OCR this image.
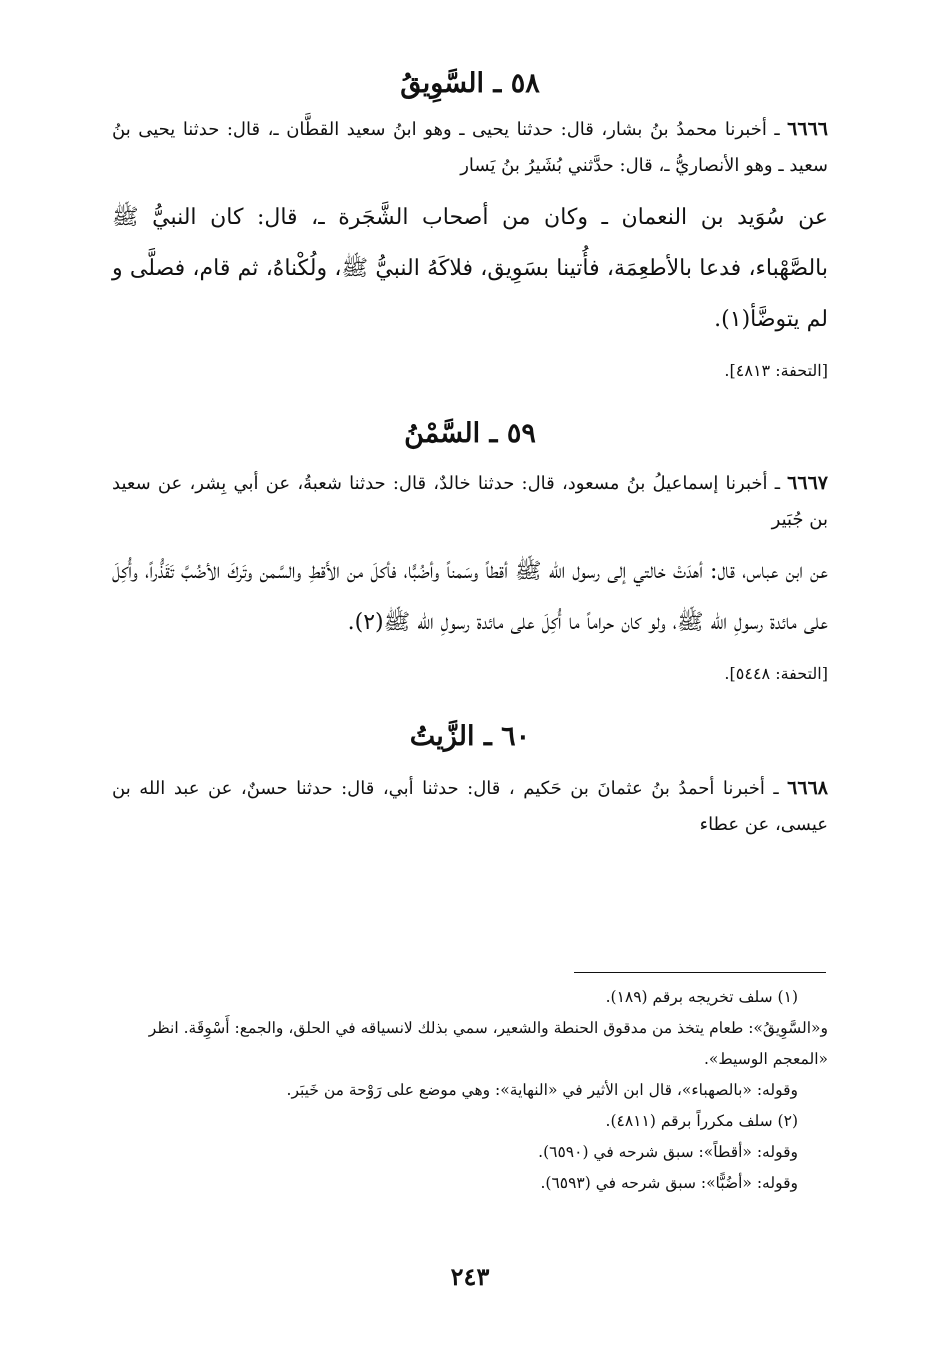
٥٨ ـ السَّوِيقُ

٦٦٦٦ ـ أخبرنا محمدُ بنُ بشار، قال: حدثنا يحيى ـ وهو ابنُ سعيد القطَّان ـ، قال: حدثنا يحيى بنُ سعيد ـ وهو الأنصاريُّ ـ، قال: حدَّثني بُشَيرُ بنُ يَسار

عن سُوَيد بن النعمان ـ وكان من أصحاب الشَّجَرة ـ، قال: كان النبيُّ ﷺ بالصَّهْباء، فدعا بالأطعِمَة، فأُتينا بسَوِيق، فلاكَهُ النبيُّ ﷺ، ولُكْناهُ، ثم قام، فصلَّى و لم يتوضَّأ(١).

[التحفة: ٤٨١٣].

٥٩ ـ السَّمْنُ

٦٦٦٧ ـ أخبرنا إسماعيلُ بنُ مسعود، قال: حدثنا خالدٌ، قال: حدثنا شعبةُ، عن أبي بِشر، عن سعيد بن جُبَير

عن ابن عباس، قال: أهدَتْ خالتي إلى رسول الله ﷺ أقطاً وسَمناً وأضُبًّا، فأكلَ من الأَقطِ والسَّمن وتَركَ الأضُبَّ تَقَذُّراً، وأُكِلَ على مائدة رسولِ الله ﷺ، ولو كان حراماً ما أُكِلَ على مائدة رسولِ الله ﷺ(٢).

[التحفة: ٥٤٤٨].

٦٠ ـ الزَّيتُ

٦٦٦٨ ـ أخبرنا أحمدُ بنُ عثمانَ بن حَكيم ، قال: حدثنا أبي، قال: حدثنا حسنٌ، عن عبد الله بن عيسى، عن عطاء

(١) سلف تخريجه برقم (١٨٩).

و«السَّوِيقُ»: طعام يتخذ من مدقوق الحنطة والشعير، سمي بذلك لانسياقه في الحلق، والجمع: أَسْوِقَة. انظر «المعجم الوسيط».

وقوله: «بالصهباء»، قال ابن الأثير في «النهاية»: وهي موضع على رَوْحة من خَيبَر.

(٢) سلف مكرراً برقم (٤٨١١).

وقوله: «أقطاً»: سبق شرحه في (٦٥٩٠).

وقوله: «أضُبًّا»: سبق شرحه في (٦٥٩٣).

٢٤٣
